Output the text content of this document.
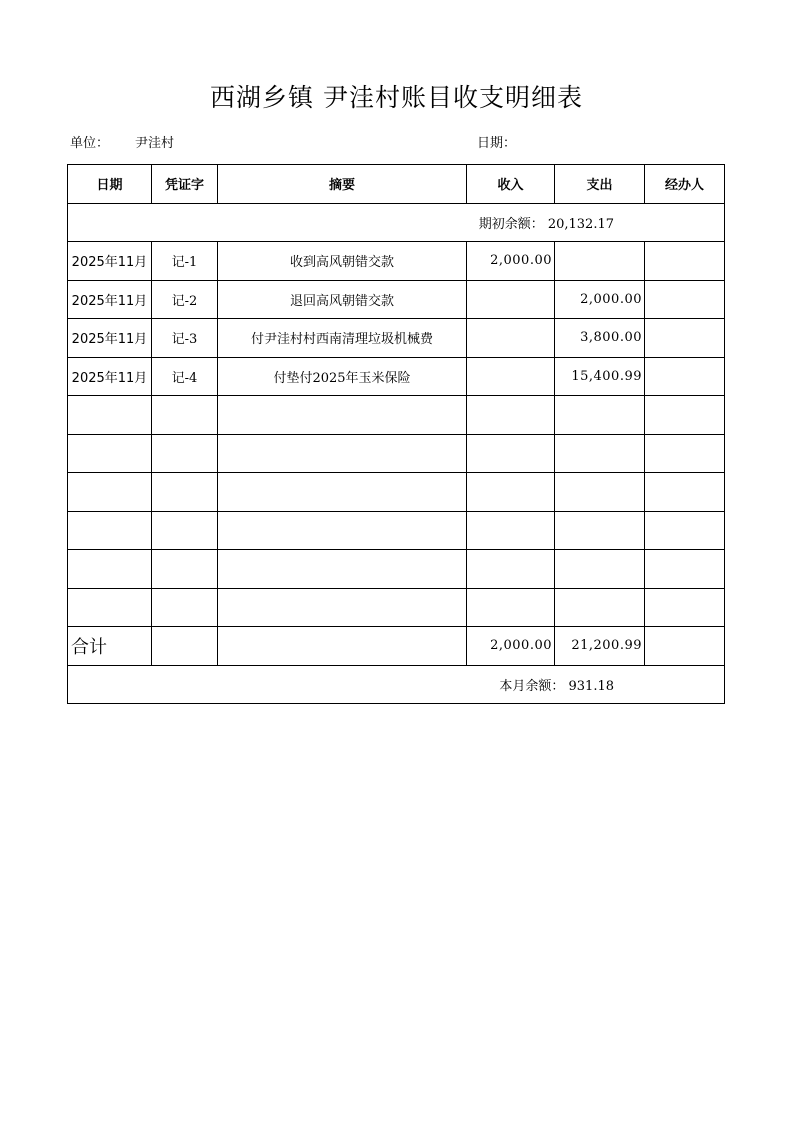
西湖乡镇 尹洼村账目收支明细表
单位： 尹洼村	日期：
日期	凭证字	摘要	收入	支出	经办人
期初余额： 20,132.17					
2025年11月	记-1	收到高风朝错交款	2,000.00		
2025年11月	记-2	退回高风朝错交款		2,000.00	
2025年11月	记-3	付尹洼村村西南清理垃圾机械费		3,800.00	
2025年11月	记-4	付垫付2025年玉米保险		15,400.99	

合计			2,000.00	21,200.99	
本月余额： 931.18					
